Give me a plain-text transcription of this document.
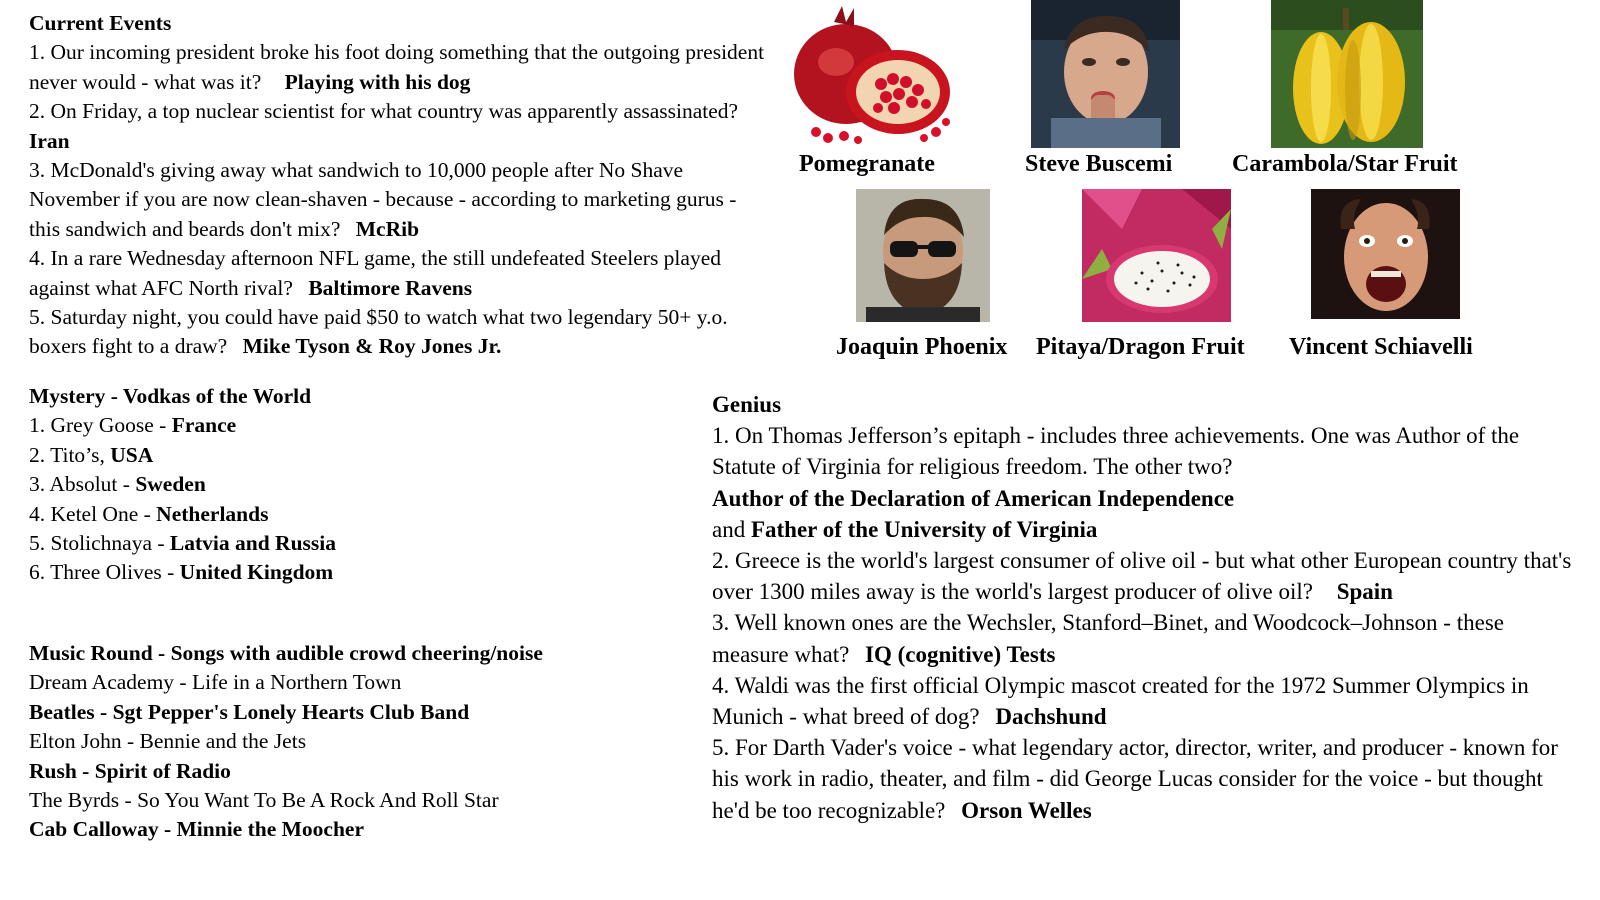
Current Events
1. Our incoming president broke his foot doing something that the outgoing president never would - what was it? Playing with his dog
2. On Friday, a top nuclear scientist for what country was apparently assassinated? Iran
3. McDonald's giving away what sandwich to 10,000 people after No Shave November if you are now clean-shaven - because - according to marketing gurus - this sandwich and beards don't mix? McRib
4. In a rare Wednesday afternoon NFL game, the still undefeated Steelers played against what AFC North rival? Baltimore Ravens
5. Saturday night, you could have paid $50 to watch what two legendary 50+ y.o. boxers fight to a draw? Mike Tyson & Roy Jones Jr.
Mystery - Vodkas of the World
1. Grey Goose - France
2. Tito’s, USA
3. Absolut - Sweden
4. Ketel One - Netherlands
5. Stolichnaya - Latvia and Russia
6. Three Olives - United Kingdom
Music Round - Songs with audible crowd cheering/noise
Dream Academy - Life in a Northern Town
Beatles - Sgt Pepper's Lonely Hearts Club Band
Elton John - Bennie and the Jets
Rush - Spirit of Radio
The Byrds - So You Want To Be A Rock And Roll Star
Cab Calloway - Minnie the Moocher
Pomegranate	Steve Buscemi Carambola/Star Fruit
Joaquin Phoenix Pitaya/Dragon Fruit Vincent Schiavelli
Genius
1. On Thomas Jefferson’s epitaph - includes three achievements. One was Author of the Statute of Virginia for religious freedom. The other two?
Author of the Declaration of American Independence
and Father of the University of Virginia
2. Greece is the world's largest consumer of olive oil - but what other European country that's over 1300 miles away is the world's largest producer of olive oil? Spain
3. Well known ones are the Wechsler, Stanford–Binet, and Woodcock–Johnson - these measure what? IQ (cognitive) Tests
4. Waldi was the first official Olympic mascot created for the 1972 Summer Olympics in Munich - what breed of dog? Dachshund
5. For Darth Vader's voice - what legendary actor, director, writer, and producer - known for his work in radio, theater, and film - did George Lucas consider for the voice - but thought he'd be too recognizable? Orson Welles
